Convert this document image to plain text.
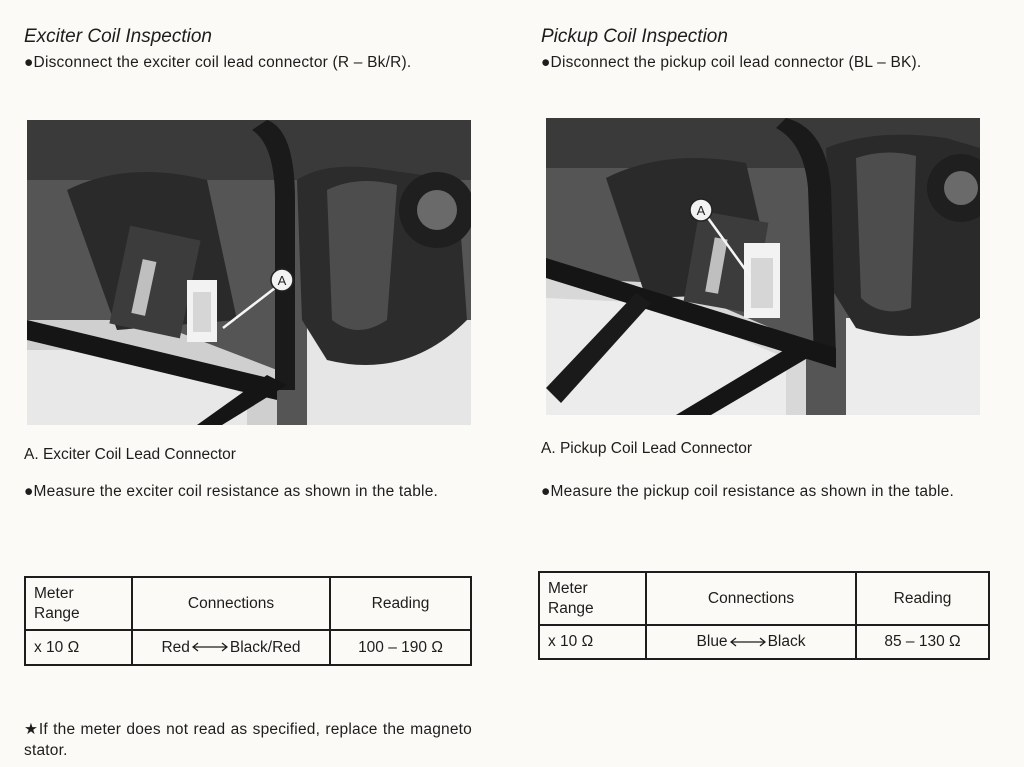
Exciter Coil Inspection
●Disconnect the exciter coil lead connector (R – Bk/R).
A
A. Exciter Coil Lead Connector
●Measure the exciter coil resistance as shown in the table.
Meter Range	Connections	Reading
x 10 Ω	Red Black/Red	100 – 190 Ω
★If the meter does not read as specified, replace the magneto stator.
Pickup Coil Inspection
●Disconnect the pickup coil lead connector (BL – BK).
A
A. Pickup Coil Lead Connector
●Measure the pickup coil resistance as shown in the table.
Meter Range	Connections	Reading
x 10 Ω	Blue Black	85 – 130 Ω
